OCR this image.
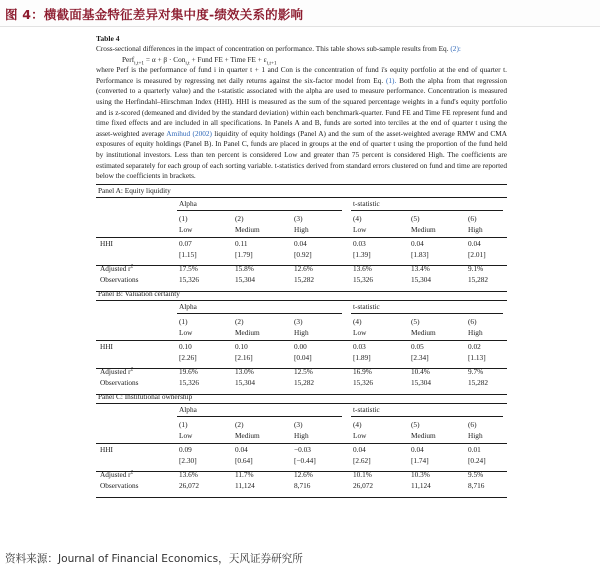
图 4：横截面基金特征差异对集中度-绩效关系的影响
Table 4

Cross-sectional differences in the impact of concentration on performance. This table shows sub-sample results from Eq. (2):

Perf$_{i,t+1}$ = α + β · Con$_{i,t}$ + Fund FE + Time FE + $\varepsilon_{i,t+1}$

where Perf is the performance of fund i in quarter t + 1 and Con is the concentration of fund i's equity portfolio at the end of quarter t. Performance is measured by regressing net daily returns against the six-factor model from Eq. (1). Both the alpha from that regression (converted to a quarterly value) and the t-statistic associated with the alpha are used to measure performance. Concentration is measured using the Herfindahl–Hirschman Index (HHI). HHI is measured as the sum of the squared percentage weights in a fund's equity portfolio and is z-scored (demeaned and divided by the standard deviation) within each benchmark-quarter. Fund FE and Time FE represent fund and time fixed effects and are included in all specifications. In Panels A and B, funds are sorted into terciles at the end of quarter t using the asset-weighted average Amihud (2002) liquidity of equity holdings (Panel A) and the sum of the asset-weighted average RMW and CMA exposures of equity holdings (Panel B). In Panel C, funds are placed in groups at the end of quarter t using the proportion of the fund held by institutional investors. Less than ten percent is considered Low and greater than 75 percent is considered High. The coefficients are estimated separately for each group of each sorting variable. t-statistics derived from standard errors clustered on fund and time are reported below the coefficients in brackets.

Panel A: Equity liquidity
Alpha	t-statistic
(1)	(2)	(3)	(4)	(5)	(6)
Low	Medium	High	Low	Medium	High
HHI	0.07	0.11	0.04	0.03	0.04	0.04
[1.15]	[1.79]	[0.92]	[1.39]	[1.83]	[2.01]
Adjusted $r^2$	17.5%	15.8%	12.6%	13.6%	13.4%	9.1%
Observations	15,326	15,304	15,282	15,326	15,304	15,282
Panel B: Valuation certainty
Alpha	t-statistic
(1)	(2)	(3)	(4)	(5)	(6)
Low	Medium	High	Low	Medium	High
HHI	0.10	0.10	0.00	0.03	0.05	0.02
[2.26]	[2.16]	[0.04]	[1.89]	[2.34]	[1.13]
Adjusted $r^2$	19.6%	13.0%	12.5%	16.9%	10.4%	9.7%
Observations	15,326	15,304	15,282	15,326	15,304	15,282
Panel C: Institutional ownership
Alpha	t-statistic
(1)	(2)	(3)	(4)	(5)	(6)
Low	Medium	High	Low	Medium	High
HHI	0.09	0.04	−0.03	0.04	0.04	0.01
[2.30]	[0.64]	[−0.44]	[2.62]	[1.74]	[0.24]
Adjusted $r^2$	13.6%	11.7%	12.6%	10.1%	10.3%	9.5%
Observations	26,072	11,124	8,716	26,072	11,124	8,716
资料来源：Journal of Financial Economics，天风证券研究所
